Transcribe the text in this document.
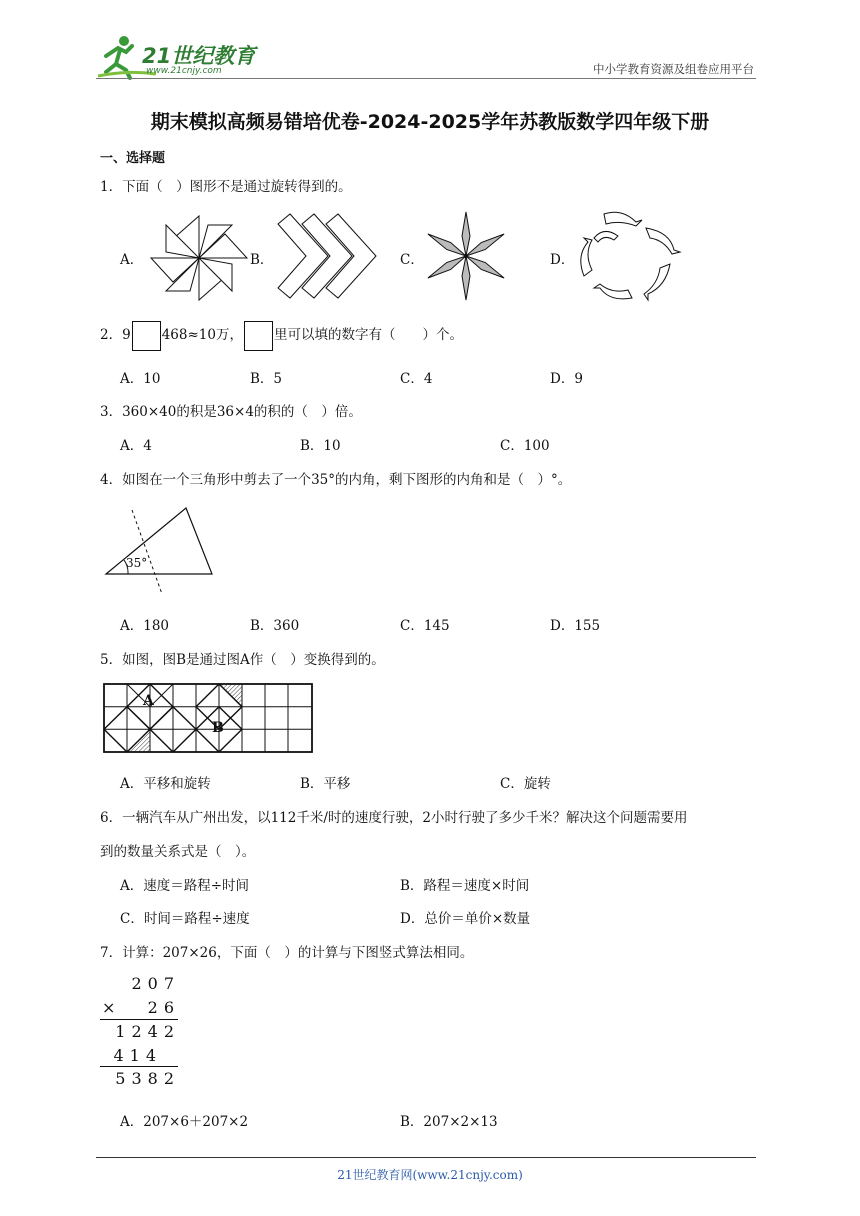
21世纪教育
www.21cnjy.com	中小学教育资源及组卷应用平台
期末模拟高频易错培优卷-2024-2025学年苏教版数学四年级下册
一、选择题
1．下面（　）图形不是通过旋转得到的。
A．	B．	C．	D．
2．9 468≈10万， 里可以填的数字有（　　）个。
A．10	B．5	C．4	D．9
3．360×40的积是36×4的积的（　）倍。
A．4	B．10	C．100
4．如图在一个三角形中剪去了一个35°的内角，剩下图形的内角和是（　）°。
35°
A．180	B．360	C．145	D．155
5．如图，图B是通过图A作（　）变换得到的。
A
B
A．平移和旋转	B．平移	C．旋转
6．一辆汽车从广州出发，以112千米/时的速度行驶，2小时行驶了多少千米？解决这个问题需要用
到的数量关系式是（　）。
A．速度＝路程÷时间	B．路程＝速度×时间
C．时间＝路程÷速度	D．总价＝单价×数量
7．计算：207×26，下面（　）的计算与下图竖式算法相同。
207
× 26
1242
414
5382
A．207×6＋207×2	B．207×2×13
21世纪教育网(www.21cnjy.com)
